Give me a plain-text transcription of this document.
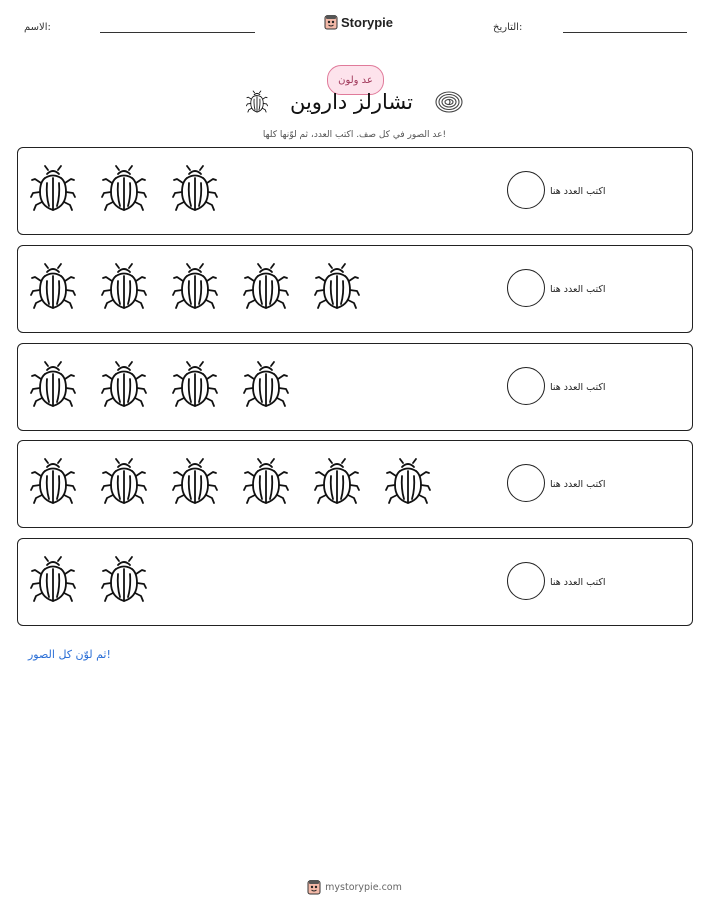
الاسم:	Storypie	التاريخ:
عد ولون
تشارلز داروين
عد الصور في كل صف. اكتب العدد، ثم لوّنها كلها!
اكتب العدد هنا
اكتب العدد هنا
اكتب العدد هنا
اكتب العدد هنا
اكتب العدد هنا
ثم لوّن كل الصور!
mystorypie.com
